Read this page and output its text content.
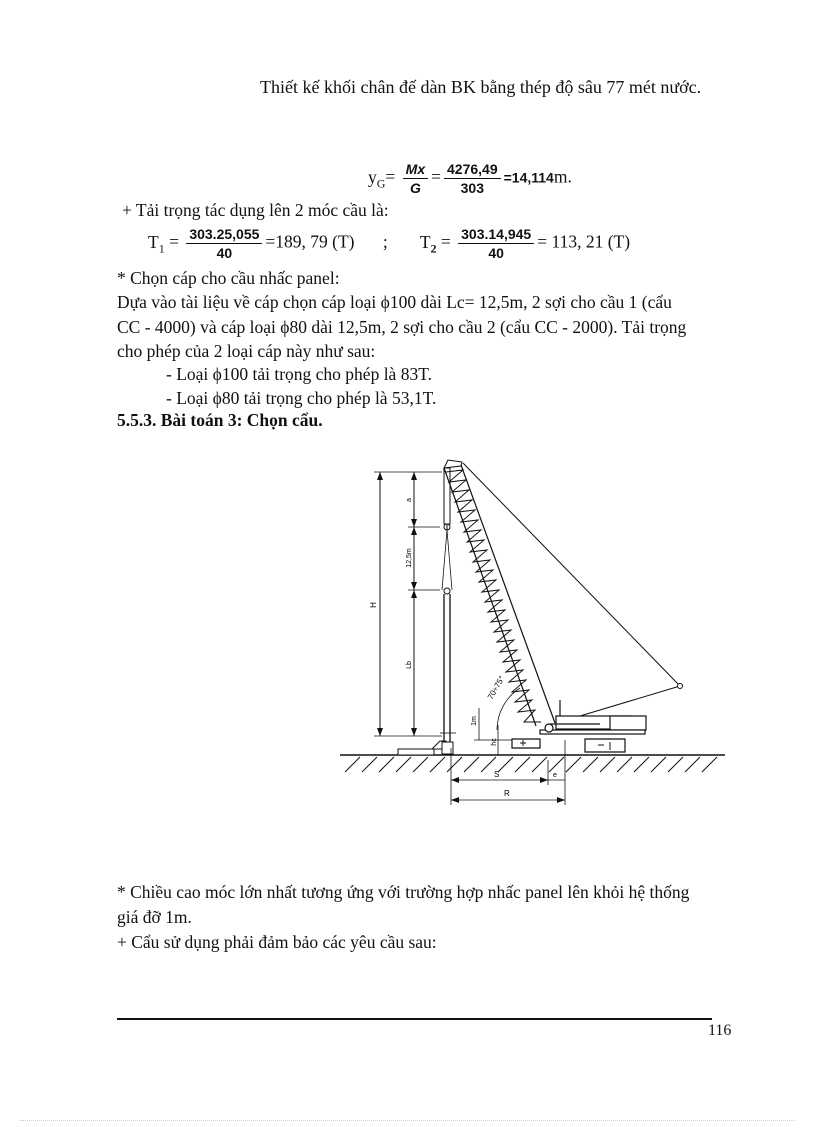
Thiết kế khối chân đế dàn BK bằng thép độ sâu 77 mét nước.
$y_G= \frac{Mx}{G} = \frac{4276,49}{303} =14,114m$.
+ Tải trọng tác dụng lên 2 móc cầu là:
$T_1 = \frac{303.25,055}{40} =189$, 79 (T) ; $T_2 = \frac{303.14,945}{40} = 113$, 21 (T)
* Chọn cáp cho cầu nhấc panel:
Dựa vào tài liệu về cáp chọn cáp loại ϕ100 dài Lc= 12,5m, 2 sợi cho cầu 1 (cẩu
CC - 4000) và cáp loại ϕ80 dài 12,5m, 2 sợi cho cầu 2 (cẩu CC - 2000). Tải trọng
cho phép của 2 loại cáp này như sau:
- Loại ϕ100 tải trọng cho phép là 83T.
- Loại ϕ80 tải trọng cho phép là 53,1T.
5.5.3. Bài toán 3: Chọn cẩu.
H
a
12,5m
Lb
1m
hc
70÷75°
S	e
R
* Chiều cao móc lớn nhất tương ứng với trường hợp nhấc panel lên khỏi hệ thống
giá đỡ 1m.
+ Cẩu sử dụng phải đảm bảo các yêu cầu sau:
116
